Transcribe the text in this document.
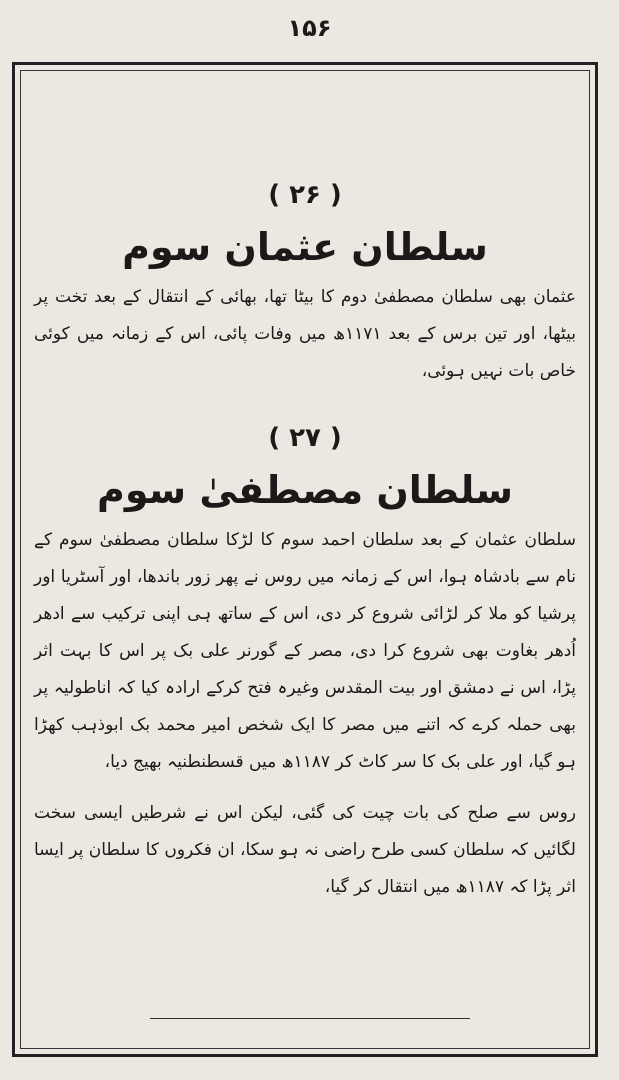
۱۵۶

( ۲۶ )

سلطان عثمان سوم

عثمان بھی سلطان مصطفیٰ دوم کا بیٹا تھا، بھائی کے انتقال کے بعد تخت پر بیٹھا، اور تین برس کے بعد ۱۱۷۱ھ میں وفات پائی، اس کے زمانہ میں کوئی خاص بات نہیں ہوئی،

( ۲۷ )

سلطان مصطفیٰ سوم

سلطان عثمان کے بعد سلطان احمد سوم کا لڑکا سلطان مصطفیٰ سوم کے نام سے بادشاہ ہوا، اس کے زمانہ میں روس نے پھر زور باندھا، اور آسٹریا اور پرشیا کو ملا کر لڑائی شروع کر دی، اس کے ساتھ ہی اپنی ترکیب سے ادھر اُدھر بغاوت بھی شروع کرا دی، مصر کے گورنر علی بک پر اس کا بہت اثر پڑا، اس نے دمشق اور بیت المقدس وغیرہ فتح کرکے ارادہ کیا کہ اناطولیہ پر بھی حملہ کرے کہ اتنے میں مصر کا ایک شخص امیر محمد بک ابوذہب کھڑا ہو گیا، اور علی بک کا سر کاٹ کر ۱۱۸۷ھ میں قسطنطنیہ بھیج دیا،

روس سے صلح کی بات چیت کی گئی، لیکن اس نے شرطیں ایسی سخت لگائیں کہ سلطان کسی طرح راضی نہ ہو سکا، ان فکروں کا سلطان پر ایسا اثر پڑا کہ ۱۱۸۷ھ میں انتقال کر گیا،
